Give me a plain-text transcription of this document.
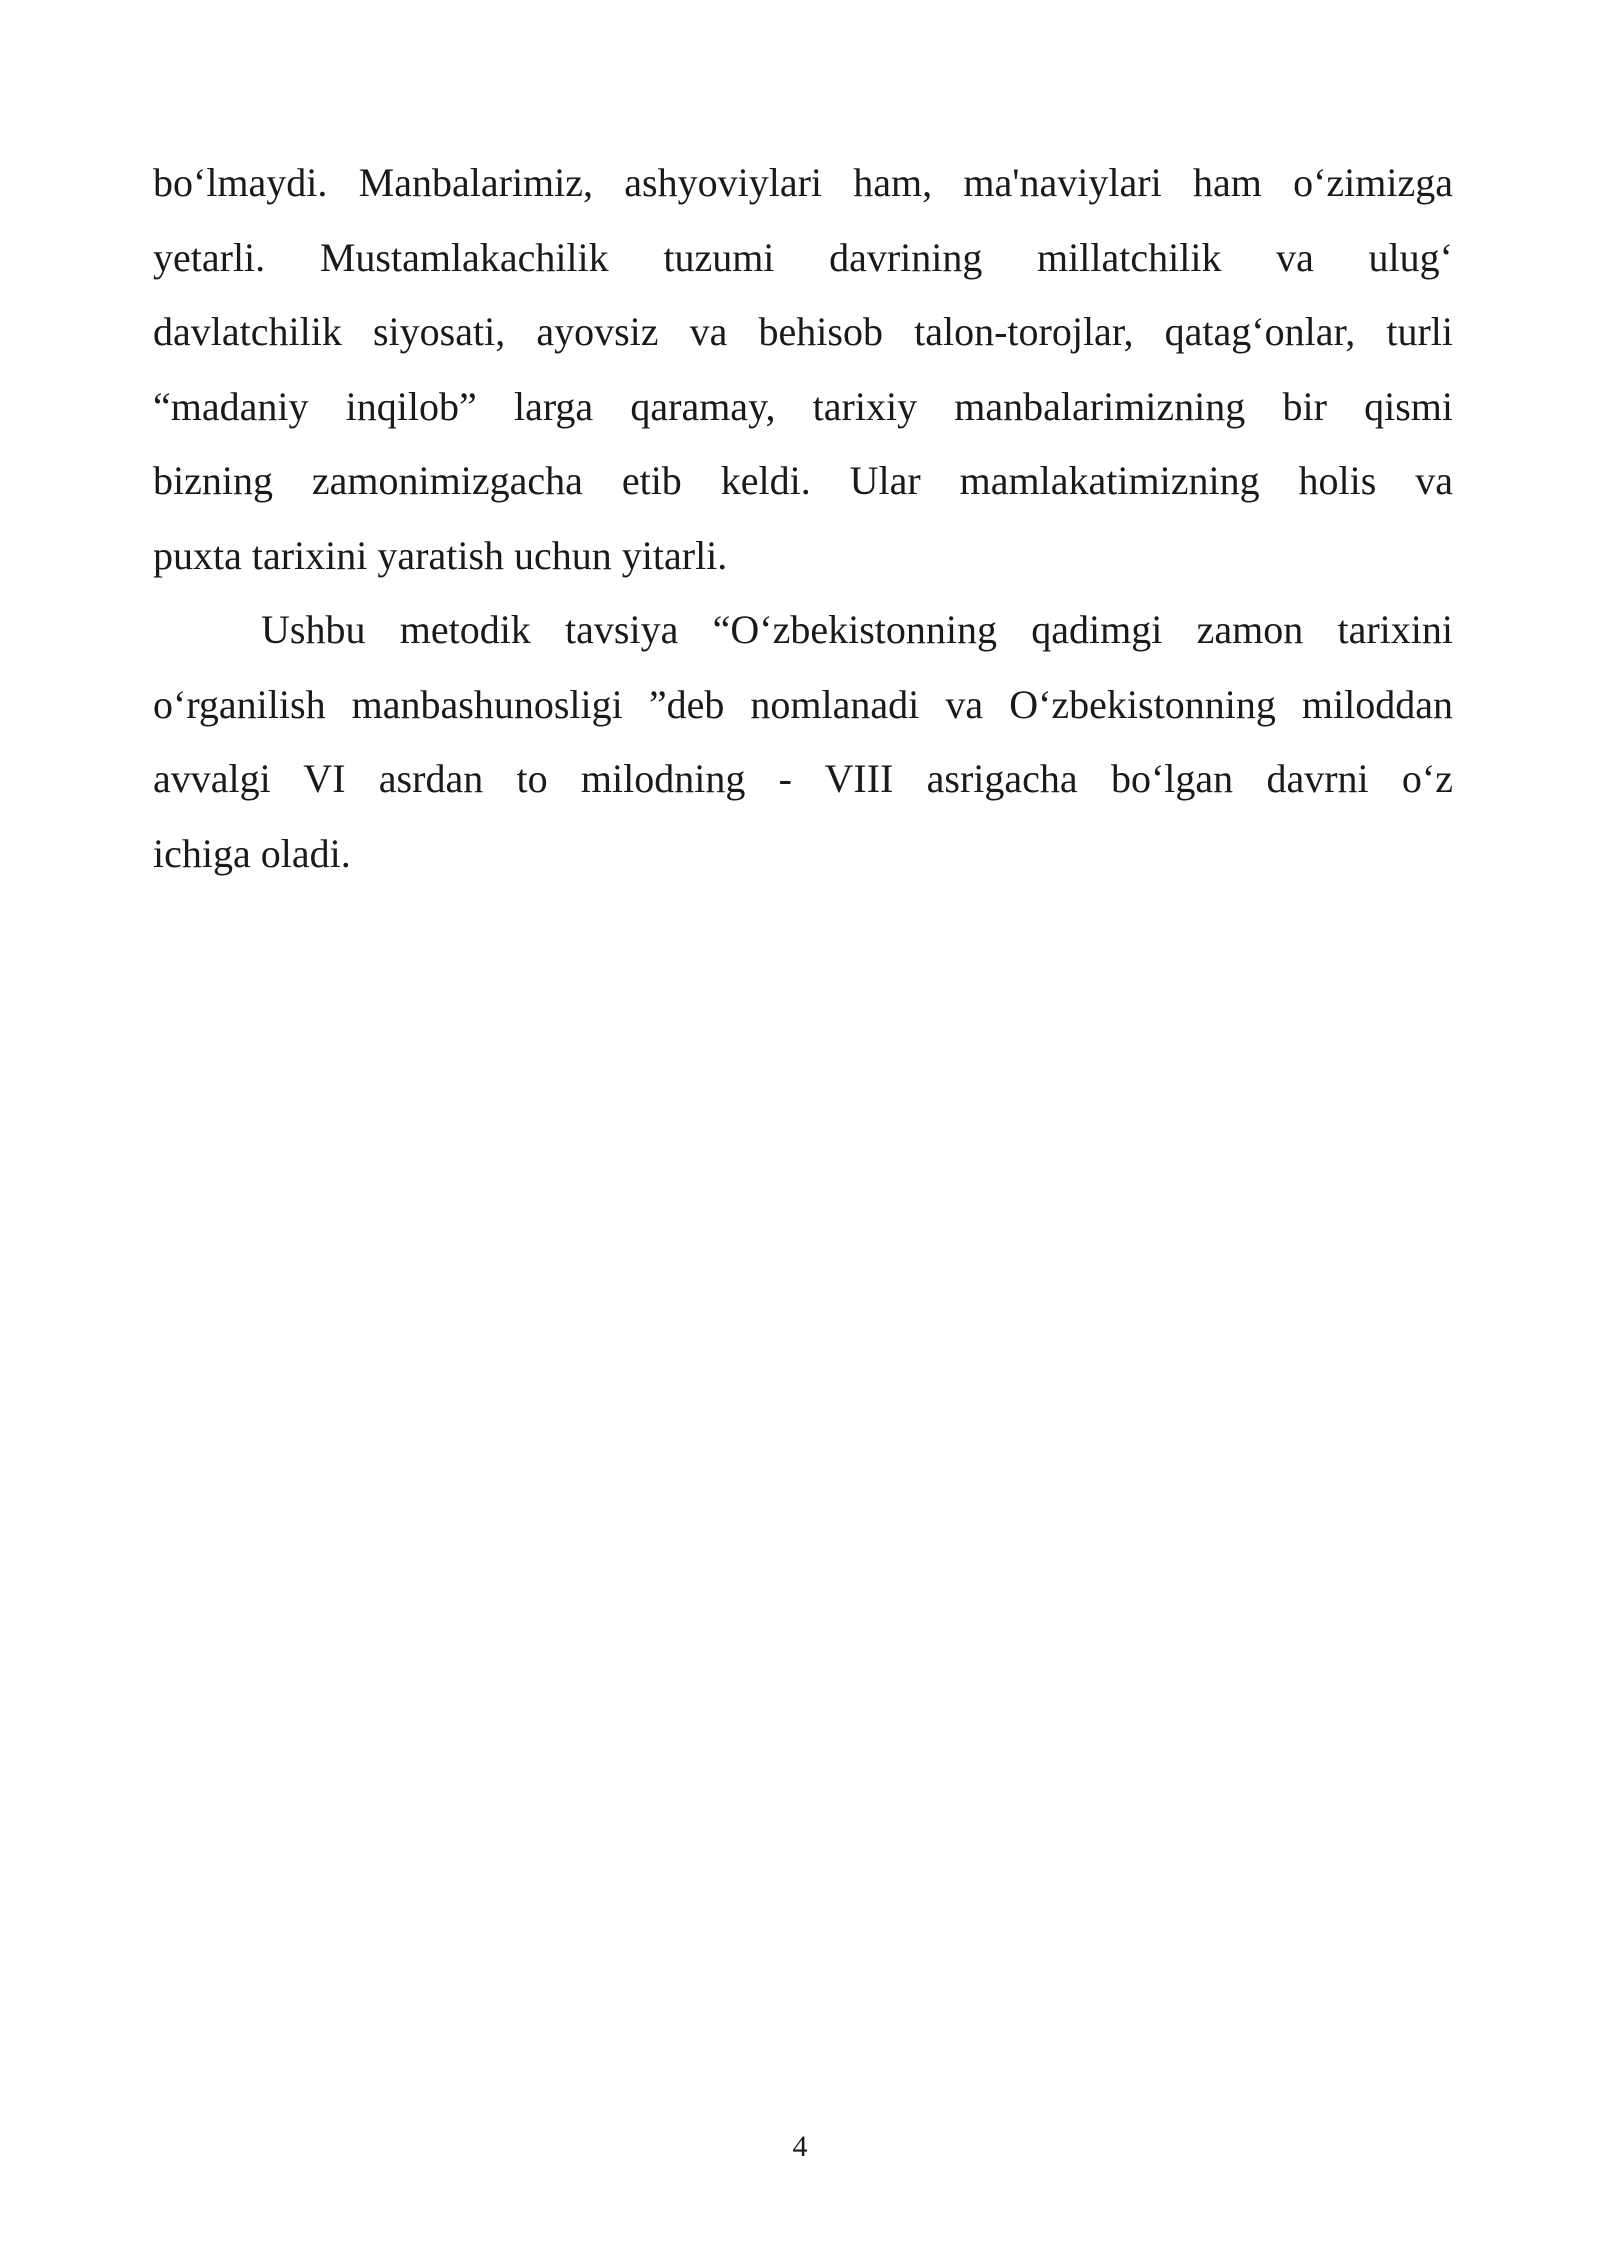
bo‘lmaydi. Manbalarimiz, ashyoviylari ham, ma'naviylari ham o‘zimizga
yetarli. Mustamlakachilik tuzumi davrining millatchilik va ulug‘
davlatchilik siyosati, ayovsiz va behisob talon-torojlar, qatag‘onlar, turli
“madaniy inqilob” larga qaramay, tarixiy manbalarimizning bir qismi
bizning zamonimizgacha etib keldi. Ular mamlakatimizning holis va
puxta tarixini yaratish uchun yitarli.
Ushbu metodik tavsiya “O‘zbekistonning qadimgi zamon tarixini
o‘rganilish manbashunosligi ”deb nomlanadi va O‘zbekistonning miloddan
avvalgi VI asrdan to milodning - VIII asrigacha bo‘lgan davrni o‘z
ichiga oladi.
4
